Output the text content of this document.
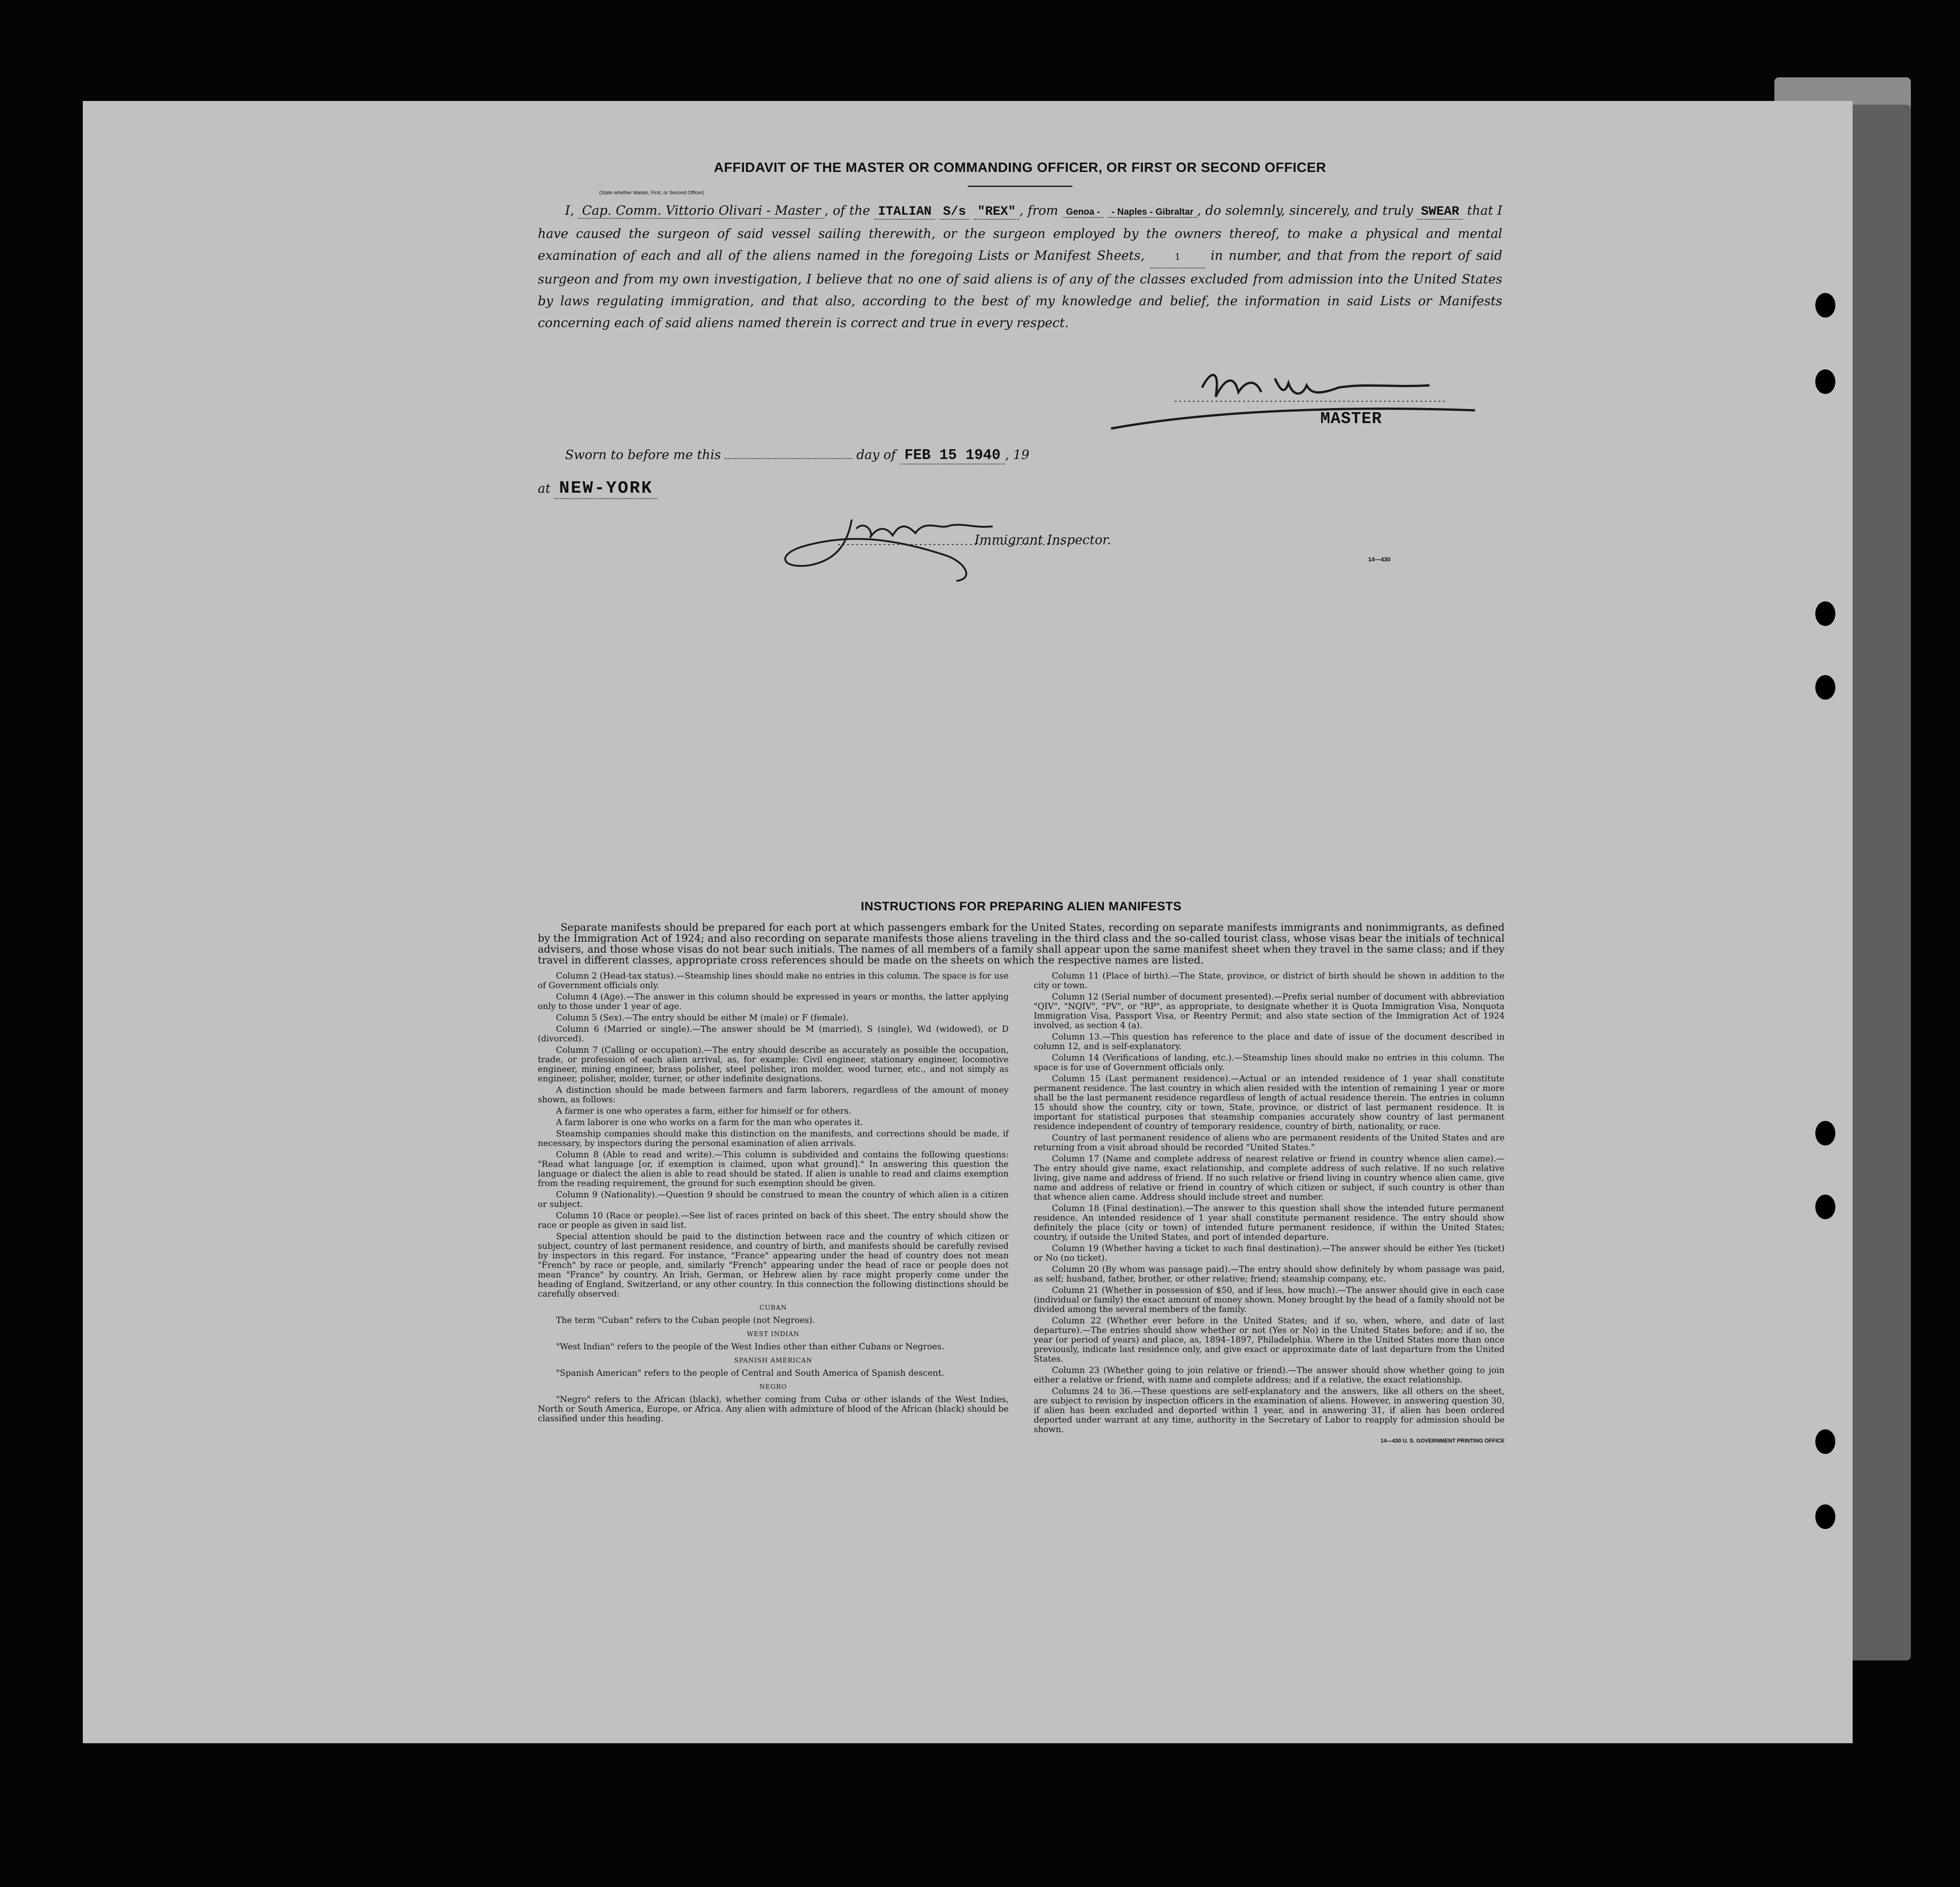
AFFIDAVIT OF THE MASTER OR COMMANDING OFFICER, OR FIRST OR SECOND OFFICER
I, Cap. Comm. Vittorio Olivari - Master , of the ITALIAN S/s "REX" , from Genoa - - Naples - Gibraltar , do solemnly, sincerely, and truly SWEAR that I have caused the surgeon of said vessel sailing therewith, or the surgeon employed by the owners thereof, to make a physical and mental examination of each and all of the aliens named in the foregoing Lists or Manifest Sheets,	1 in number, and that from the report of said surgeon and from my own investigation, I believe that no one of said aliens is of any of the classes excluded from admission into the United States by laws regulating immigration, and that also, according to the best of my knowledge and belief, the information in said Lists or Manifests concerning each of said aliens named therein is correct and true in every respect.
(State whether Master, First, or Second Officer)
MASTER
Sworn to before me this	day of FEB 15 1940 , 19
at NEW-YORK
Immigrant Inspector.
14—430
INSTRUCTIONS FOR PREPARING ALIEN MANIFESTS

Separate manifests should be prepared for each port at which passengers embark for the United States, recording on separate manifests immigrants and nonimmigrants, as defined by the Immigration Act of 1924; and also recording on separate manifests those aliens traveling in the third class and the so-called tourist class, whose visas bear the initials of technical advisers, and those whose visas do not bear such initials. The names of all members of a family shall appear upon the same manifest sheet when they travel in the same class; and if they travel in different classes, appropriate cross references should be made on the sheets on which the respective names are listed.

Column 2 (Head-tax status).—Steamship lines should make no entries in this column. The space is for use of Government officials only.

Column 4 (Age).—The answer in this column should be expressed in years or months, the latter applying only to those under 1 year of age.

Column 5 (Sex).—The entry should be either M (male) or F (female).

Column 6 (Married or single).—The answer should be M (married), S (single), Wd (widowed), or D (divorced).

Column 7 (Calling or occupation).—The entry should describe as accurately as possible the occupation, trade, or profession of each alien arrival, as, for example: Civil engineer, stationary engineer, locomotive engineer, mining engineer, brass polisher, steel polisher, iron molder, wood turner, etc., and not simply as engineer, polisher, molder, turner, or other indefinite designations.

A distinction should be made between farmers and farm laborers, regardless of the amount of money shown, as follows:

A farmer is one who operates a farm, either for himself or for others.

A farm laborer is one who works on a farm for the man who operates it.

Steamship companies should make this distinction on the manifests, and corrections should be made, if necessary, by inspectors during the personal examination of alien arrivals.

Column 8 (Able to read and write).—This column is subdivided and contains the following questions: "Read what language [or, if exemption is claimed, upon what ground]." In answering this question the language or dialect the alien is able to read should be stated. If alien is unable to read and claims exemption from the reading requirement, the ground for such exemption should be given.

Column 9 (Nationality).—Question 9 should be construed to mean the country of which alien is a citizen or subject.

Column 10 (Race or people).—See list of races printed on back of this sheet. The entry should show the race or people as given in said list.

Special attention should be paid to the distinction between race and the country of which citizen or subject, country of last permanent residence, and country of birth, and manifests should be carefully revised by inspectors in this regard. For instance, "France" appearing under the head of country does not mean "French" by race or people, and, similarly "French" appearing under the head of race or people does not mean "France" by country. An Irish, German, or Hebrew alien by race might properly come under the heading of England, Switzerland, or any other country. In this connection the following distinctions should be carefully observed:

CUBAN

The term "Cuban" refers to the Cuban people (not Negroes).

WEST INDIAN

"West Indian" refers to the people of the West Indies other than either Cubans or Negroes.

SPANISH AMERICAN

"Spanish American" refers to the people of Central and South America of Spanish descent.

NEGRO

"Negro" refers to the African (black), whether coming from Cuba or other islands of the West Indies, North or South America, Europe, or Africa. Any alien with admixture of blood of the African (black) should be classified under this heading.

Column 11 (Place of birth).—The State, province, or district of birth should be shown in addition to the city or town.

Column 12 (Serial number of document presented).—Prefix serial number of document with abbreviation "QIV", "NQIV", "PV", or "RP", as appropriate, to designate whether it is Quota Immigration Visa, Nonquota Immigration Visa, Passport Visa, or Reentry Permit; and also state section of the Immigration Act of 1924 involved, as section 4 (a).

Column 13.—This question has reference to the place and date of issue of the document described in column 12, and is self-explanatory.

Column 14 (Verifications of landing, etc.).—Steamship lines should make no entries in this column. The space is for use of Government officials only.

Column 15 (Last permanent residence).—Actual or an intended residence of 1 year shall constitute permanent residence. The last country in which alien resided with the intention of remaining 1 year or more shall be the last permanent residence regardless of length of actual residence therein. The entries in column 15 should show the country, city or town, State, province, or district of last permanent residence. It is important for statistical purposes that steamship companies accurately show country of last permanent residence independent of country of temporary residence, country of birth, nationality, or race.

Country of last permanent residence of aliens who are permanent residents of the United States and are returning from a visit abroad should be recorded "United States."

Column 17 (Name and complete address of nearest relative or friend in country whence alien came).—The entry should give name, exact relationship, and complete address of such relative. If no such relative living, give name and address of friend. If no such relative or friend living in country whence alien came, give name and address of relative or friend in country of which citizen or subject, if such country is other than that whence alien came. Address should include street and number.

Column 18 (Final destination).—The answer to this question shall show the intended future permanent residence. An intended residence of 1 year shall constitute permanent residence. The entry should show definitely the place (city or town) of intended future permanent residence, if within the United States; country, if outside the United States, and port of intended departure.

Column 19 (Whether having a ticket to such final destination).—The answer should be either Yes (ticket) or No (no ticket).

Column 20 (By whom was passage paid).—The entry should show definitely by whom passage was paid, as self; husband, father, brother, or other relative; friend; steamship company, etc.

Column 21 (Whether in possession of $50, and if less, how much).—The answer should give in each case (individual or family) the exact amount of money shown. Money brought by the head of a family should not be divided among the several members of the family.

Column 22 (Whether ever before in the United States; and if so, when, where, and date of last departure).—The entries should show whether or not (Yes or No) in the United States before; and if so, the year (or period of years) and place, as, 1894–1897, Philadelphia. Where in the United States more than once previously, indicate last residence only, and give exact or approximate date of last departure from the United States.

Column 23 (Whether going to join relative or friend).—The answer should show whether going to join either a relative or friend, with name and complete address; and if a relative, the exact relationship.

Columns 24 to 36.—These questions are self-explanatory and the answers, like all others on the sheet, are subject to revision by inspection officers in the examination of aliens. However, in answering question 30, if alien has been excluded and deported within 1 year, and in answering 31, if alien has been ordered deported under warrant at any time, authority in the Secretary of Labor to reapply for admission should be shown.

14—430 U. S. GOVERNMENT PRINTING OFFICE
